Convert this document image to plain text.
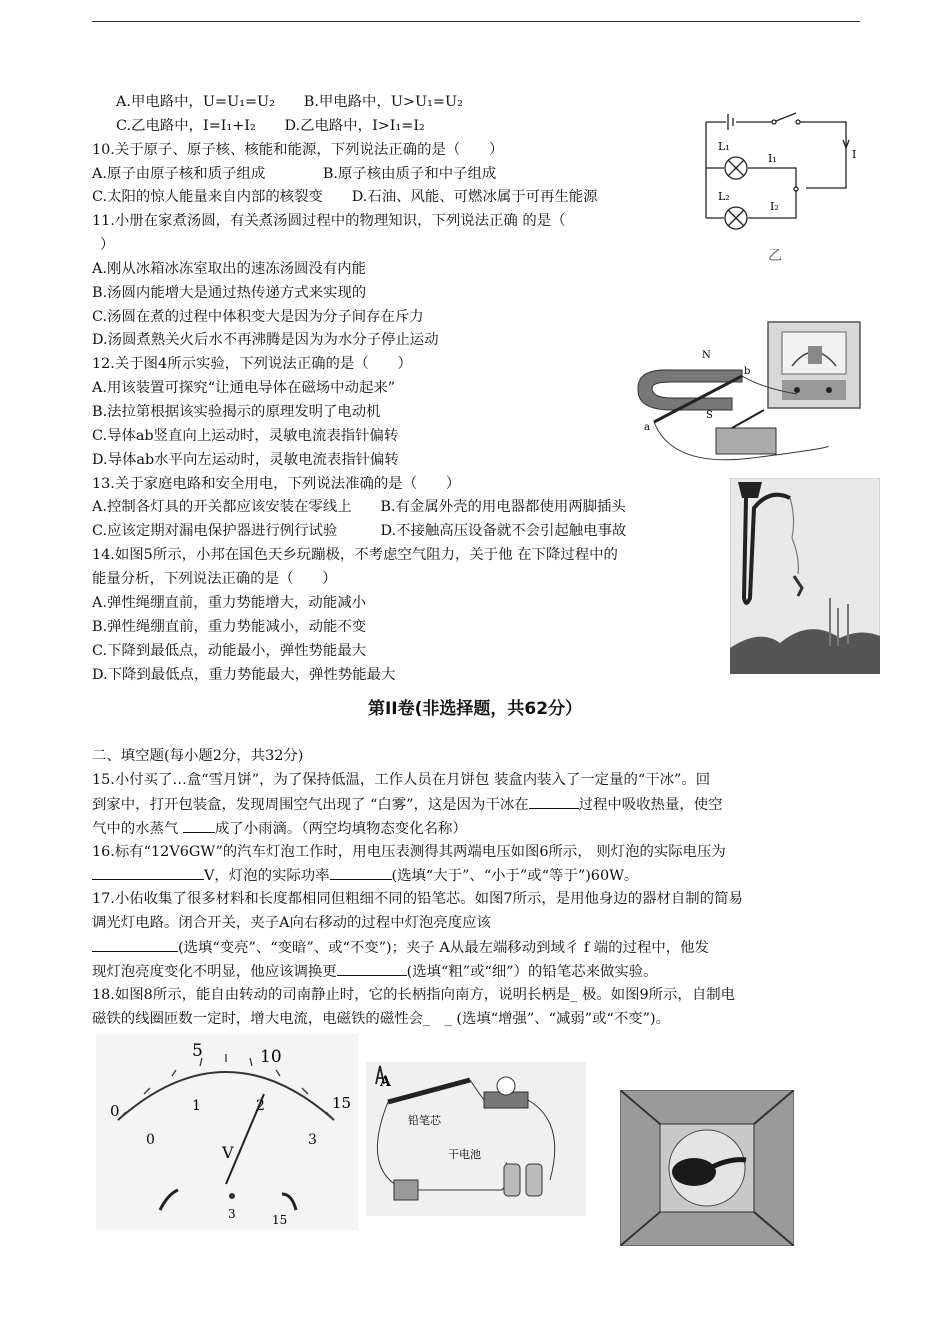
A.甲电路中，U=U₁=U₂　　B.甲电路中，U>U₁=U₂
C.乙电路中，I=I₁+I₂　　D.乙电路中，I>I₁=I₂
10.关于原子、原子核、核能和能源，下列说法正确的是（　　）
A.原子由原子核和质子组成　　　　B.原子核由质子和中子组成
C.太阳的惊人能量来自内部的核裂变　　D.石油、风能、可燃冰属于可再生能源
11.小册在家煮汤圆，有关煮汤圆过程中的物理知识，下列说法正确 的是（
）
A.刚从冰箱冰冻室取出的速冻汤圆没有内能
B.汤圆内能增大是通过热传递方式来实现的
C.汤圆在煮的过程中体积变大是因为分子间存在斥力
D.汤圆煮熟关火后水不再沸腾是因为为水分子停止运动
12.关于图4所示实验，下列说法正确的是（　　）
A.用该装置可探究“让通电导体在磁场中动起来”
B.法拉第根据该实验揭示的原理发明了电动机
C.导体ab竖直向上运动时，灵敏电流表指针偏转
D.导体ab水平向左运动时，灵敏电流表指针偏转
13.关于家庭电路和安全用电，下列说法准确的是（　　）
A.控制各灯具的开关都应该安装在零线上　　B.有金属外壳的用电器都使用两脚插头
C.应该定期对漏电保护器进行例行试验　　　D.不接触高压设备就不会引起触电事故
14.如图5所示，小邦在国色天乡玩蹦极，不考虑空气阻力，关于他 在下降过程中的
能量分析，下列说法正确的是（　　）
A.弹性绳绷直前，重力势能增大，动能减小
B.弹性绳绷直前，重力势能减小，动能不变
C.下降到最低点，动能最小，弹性势能最大
D.下降到最低点，重力势能最大，弹性势能最大
第II卷(非选择题，共62分）
二、填空题(每小题2分，共32分)
15.小付买了…盒“雪月饼”，为了保持低温，工作人员在月饼包 装盒内装入了一定量的“干冰”。回
到家中，打开包装盒，发现周围空气出现了 “白雾”，这是因为干冰在	过程中吸收热量，使空
气中的水蒸气 成了小雨滴。（两空均填物态变化名称）
16.标有“12V6GW”的汽车灯泡工作时，用电压表测得其两端电压如图6所示， 则灯泡的实际电压为
V，灯泡的实际功率	(选填“大于”、“小于”或“等于”)60W。
17.小佑收集了很多材料和长度都相同但粗细不同的铅笔芯。如图7所示，是用他身边的器材自制的简易
调光灯电路。闭合开关，夹子A向右移动的过程中灯泡亮度应该
(选填“变亮”、“变暗”、或“不变”)；夹子 A从最左端移动到域彳 f 端的过程中，他发
现灯泡亮度变化不明显，他应该调换更	(选填“粗”或“细”）的铅笔芯来做实验。
18.如图8所示，能自由转动的司南静止时，它的长柄指向南方，说明长柄是_ 极。如图9所示，自制电
磁铁的线圈匝数一定时，增大电流，电磁铁的磁性会_　_ (选填“增强”、“减弱”或“不变”)。
L₁
L₂
I₁
I₂
I
乙
N
S
a
b
0
5	10
15
0
1	2
3
V
3	15
A
铅笔芯
干电池
